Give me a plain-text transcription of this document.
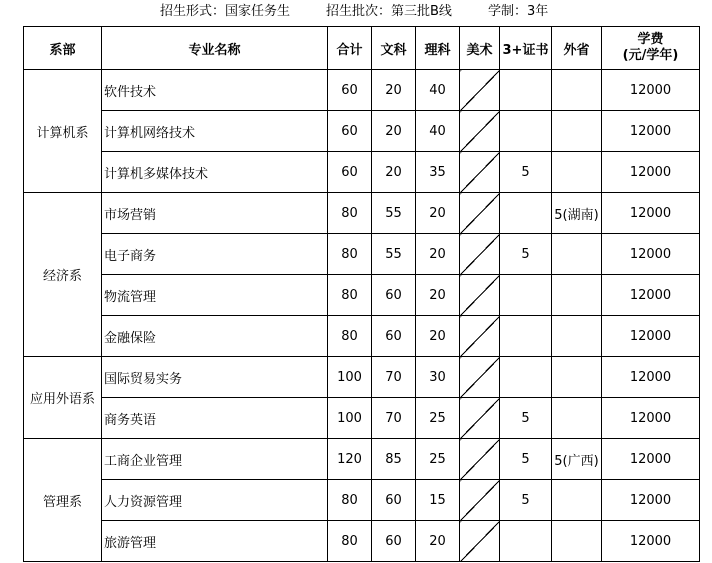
招生形式：国家任务生	招生批次：第三批B线	学制：3年
系部	专业名称	合计	文科	理科	美术	3+证书	外省	学费
(元/学年)

计算机系	软件技术	60	20	40				12000
	计算机网络技术	60	20	40				12000
	计算机多媒体技术	60	20	35		5		12000
经济系	市场营销	80	55	20			5(湖南)	12000
	电子商务	80	55	20		5		12000
	物流管理	80	60	20				12000
	金融保险	80	60	20				12000
应用外语系	国际贸易实务	100	70	30				12000
	商务英语	100	70	25		5		12000
管理系	工商企业管理	120	85	25		5	5(广西)	12000
	人力资源管理	80	60	15		5		12000
	旅游管理	80	60	20				12000
